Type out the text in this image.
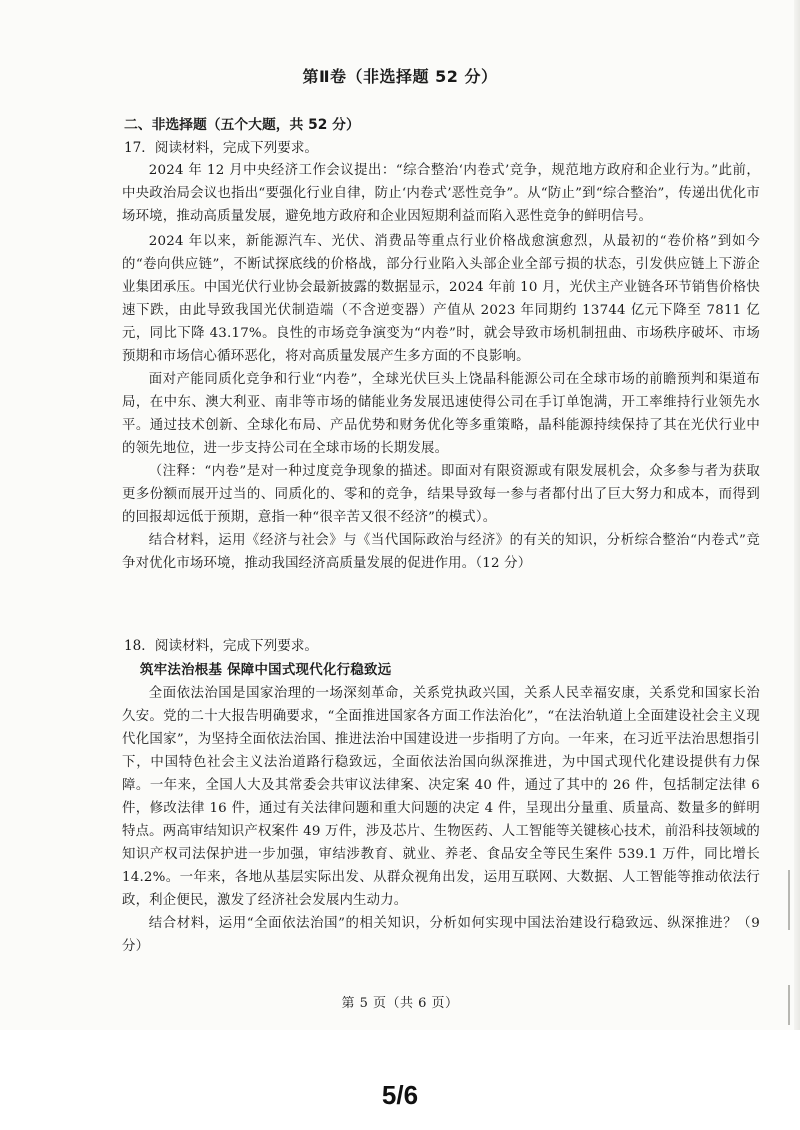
第Ⅱ卷（非选择题 52 分）
二、非选择题（五个大题，共 52 分）
17．阅读材料，完成下列要求。

2024 年 12 月中央经济工作会议提出：“综合整治‘内卷式’竞争，规范地方政府和企业行为。”此前，中央政治局会议也指出“要强化行业自律，防止‘内卷式’恶性竞争”。从“防止”到“综合整治”，传递出优化市场环境，推动高质量发展，避免地方政府和企业因短期利益而陷入恶性竞争的鲜明信号。

2024 年以来，新能源汽车、光伏、消费品等重点行业价格战愈演愈烈，从最初的“卷价格”到如今的“卷向供应链”，不断试探底线的价格战，部分行业陷入头部企业全部亏损的状态，引发供应链上下游企业集团承压。中国光伏行业协会最新披露的数据显示，2024 年前 10 月，光伏主产业链各环节销售价格快速下跌，由此导致我国光伏制造端（不含逆变器）产值从 2023 年同期约 13744 亿元下降至 7811 亿元，同比下降 43.17%。良性的市场竞争演变为“内卷”时，就会导致市场机制扭曲、市场秩序破坏、市场预期和市场信心循环恶化，将对高质量发展产生多方面的不良影响。

面对产能同质化竞争和行业“内卷”，全球光伏巨头上饶晶科能源公司在全球市场的前瞻预判和渠道布局，在中东、澳大利亚、南非等市场的储能业务发展迅速使得公司在手订单饱满，开工率维持行业领先水平。通过技术创新、全球化布局、产品优势和财务优化等多重策略，晶科能源持续保持了其在光伏行业中的领先地位，进一步支持公司在全球市场的长期发展。

（注释：“内卷”是对一种过度竞争现象的描述。即面对有限资源或有限发展机会，众多参与者为获取更多份额而展开过当的、同质化的、零和的竞争，结果导致每一参与者都付出了巨大努力和成本，而得到的回报却远低于预期，意指一种“很辛苦又很不经济”的模式）。

结合材料，运用《经济与社会》与《当代国际政治与经济》的有关的知识，分析综合整治“内卷式”竞争对优化市场环境，推动我国经济高质量发展的促进作用。（12 分）

18．阅读材料，完成下列要求。
筑牢法治根基 保障中国式现代化行稳致远

全面依法治国是国家治理的一场深刻革命，关系党执政兴国，关系人民幸福安康，关系党和国家长治久安。党的二十大报告明确要求，“全面推进国家各方面工作法治化”，“在法治轨道上全面建设社会主义现代化国家”，为坚持全面依法治国、推进法治中国建设进一步指明了方向。一年来，在习近平法治思想指引下，中国特色社会主义法治道路行稳致远，全面依法治国向纵深推进，为中国式现代化建设提供有力保障。一年来，全国人大及其常委会共审议法律案、决定案 40 件，通过了其中的 26 件，包括制定法律 6 件，修改法律 16 件，通过有关法律问题和重大问题的决定 4 件，呈现出分量重、质量高、数量多的鲜明特点。两高审结知识产权案件 49 万件，涉及芯片、生物医药、人工智能等关键核心技术，前沿科技领域的知识产权司法保护进一步加强，审结涉教育、就业、养老、食品安全等民生案件 539.1 万件，同比增长 14.2%。一年来，各地从基层实际出发、从群众视角出发，运用互联网、大数据、人工智能等推动依法行政，利企便民，激发了经济社会发展内生动力。

结合材料，运用“全面依法治国”的相关知识，分析如何实现中国法治建设行稳致远、纵深推进？（9 分）

第 5 页（共 6 页）
5/6
